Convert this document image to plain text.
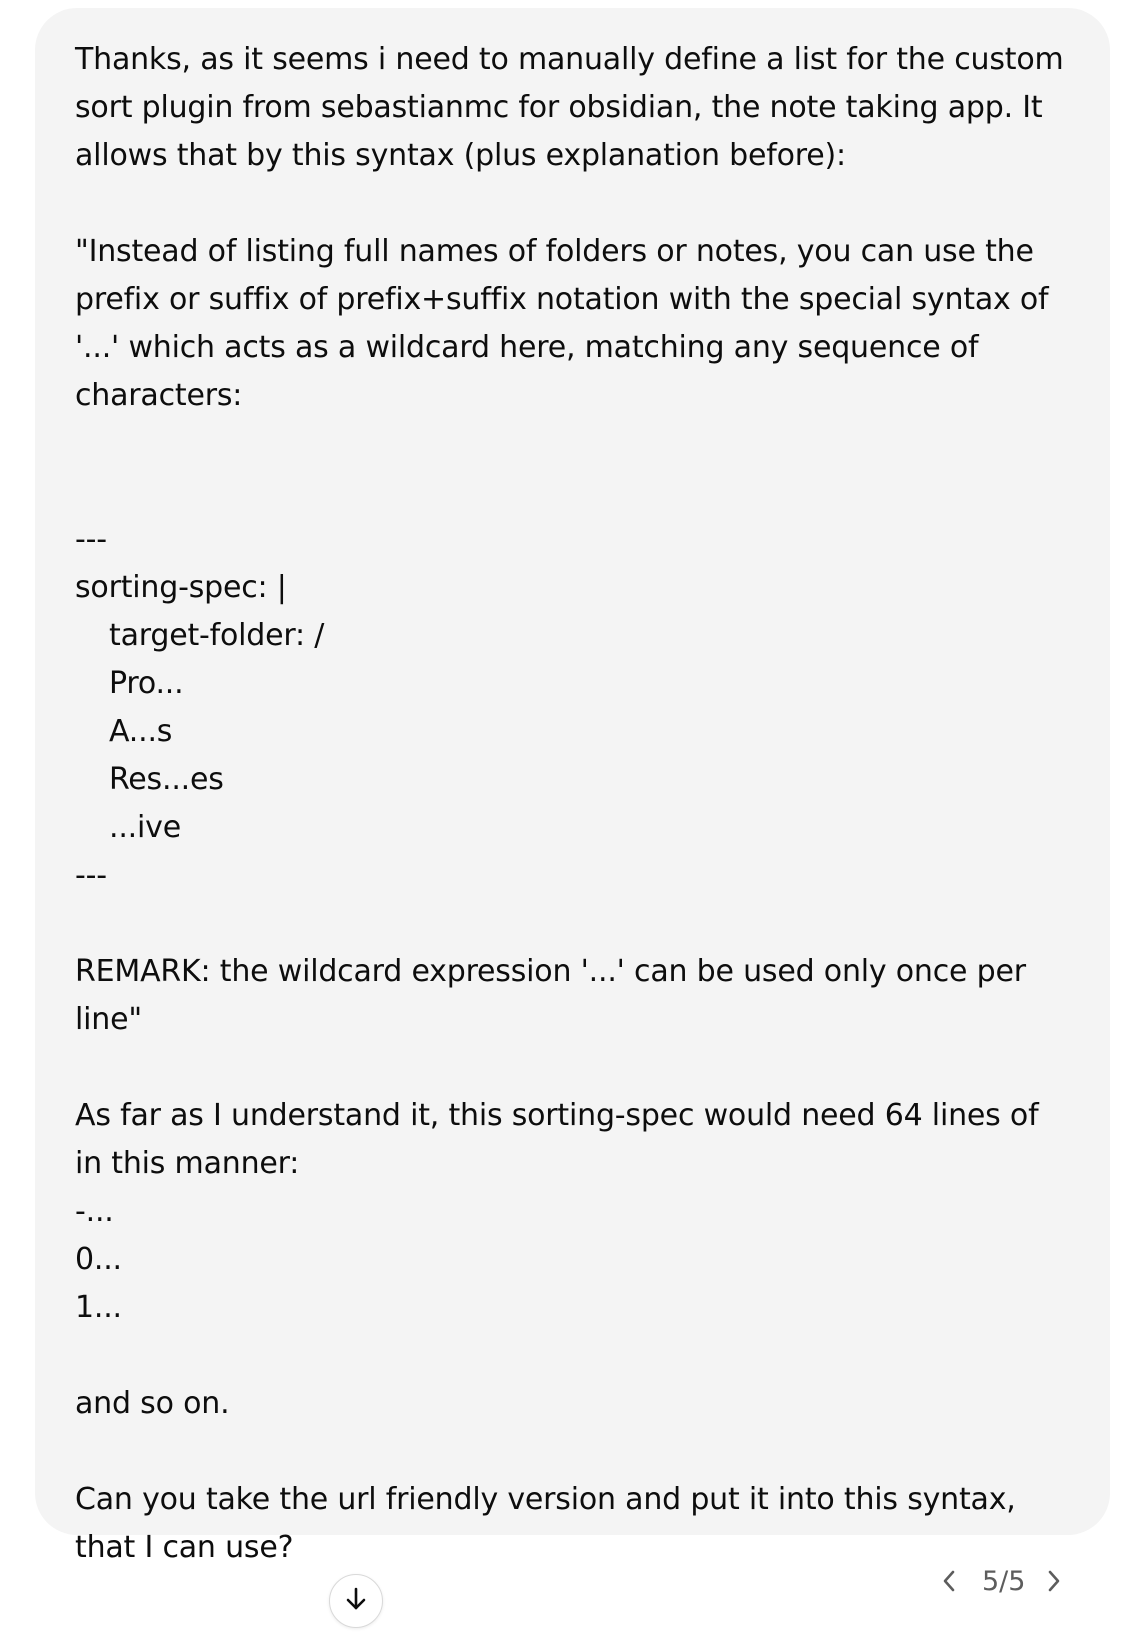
Thanks, as it seems i need to manually define a list for the custom
sort plugin from sebastianmc for obsidian, the note taking app. It
allows that by this syntax (plus explanation before):
"Instead of listing full names of folders or notes, you can use the
prefix or suffix of prefix+suffix notation with the special syntax of
'...' which acts as a wildcard here, matching any sequence of
characters:
---
sorting-spec: |
target-folder: /
Pro...
A...s
Res...es
...ive
---
REMARK: the wildcard expression '...' can be used only once per
line"
As far as I understand it, this sorting-spec would need 64 lines of
in this manner:
-...
0...
1...
and so on.
Can you take the url friendly version and put it into this syntax,
that I can use?
5/5
